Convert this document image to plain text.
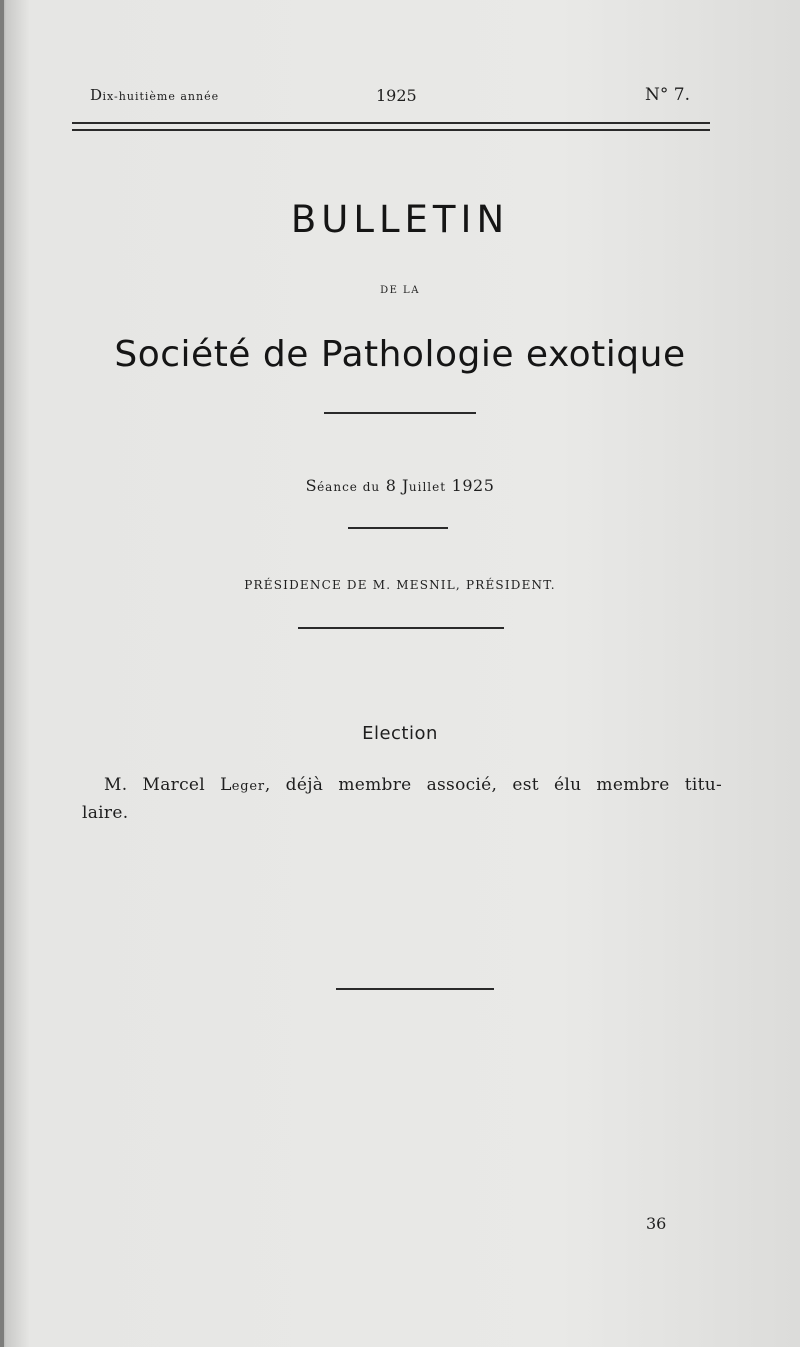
Dix-huitième année	1925	N° 7.
BULLETIN
DE LA
Société de Pathologie exotique
Séance du 8 Juillet 1925
PRÉSIDENCE DE M. MESNIL, PRÉSIDENT.
Election
M. Marcel Leger, déjà membre associé, est élu membre titu-
laire.
36
